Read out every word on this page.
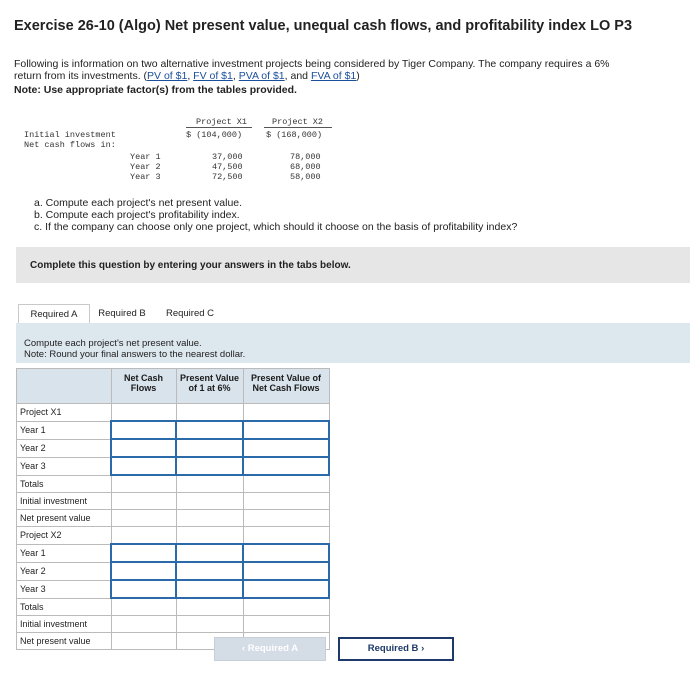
Exercise 26-10 (Algo) Net present value, unequal cash flows, and profitability index LO P3
Following is information on two alternative investment projects being considered by Tiger Company. The company requires a 6%
return from its investments. (PV of $1, FV of $1, PVA of $1, and FVA of $1)
Note: Use appropriate factor(s) from the tables provided.
Project X1	Project X2
Initial investment	$ (104,000)	$ (168,000)
Net cash flows in:
Year 1	37,000	78,000
Year 2	47,500	68,000
Year 3	72,500	58,000
a. Compute each project's net present value.
b. Compute each project's profitability index.
c. If the company can choose only one project, which should it choose on the basis of profitability index?
Complete this question by entering your answers in the tabs below.
Required A	Required B	Required C
Compute each project's net present value.
Note: Round your final answers to the nearest dollar.
	Net Cash Flows	Present Value of 1 at 6%	Present Value of Net Cash Flows
Project X1			
Year 1			
Year 2			
Year 3			
Totals			
Initial investment			
Net present value			
Project X2			
Year 1			
Year 2			
Year 3			
Totals			
Initial investment			
Net present value			
‹ Required A	Required B ›
